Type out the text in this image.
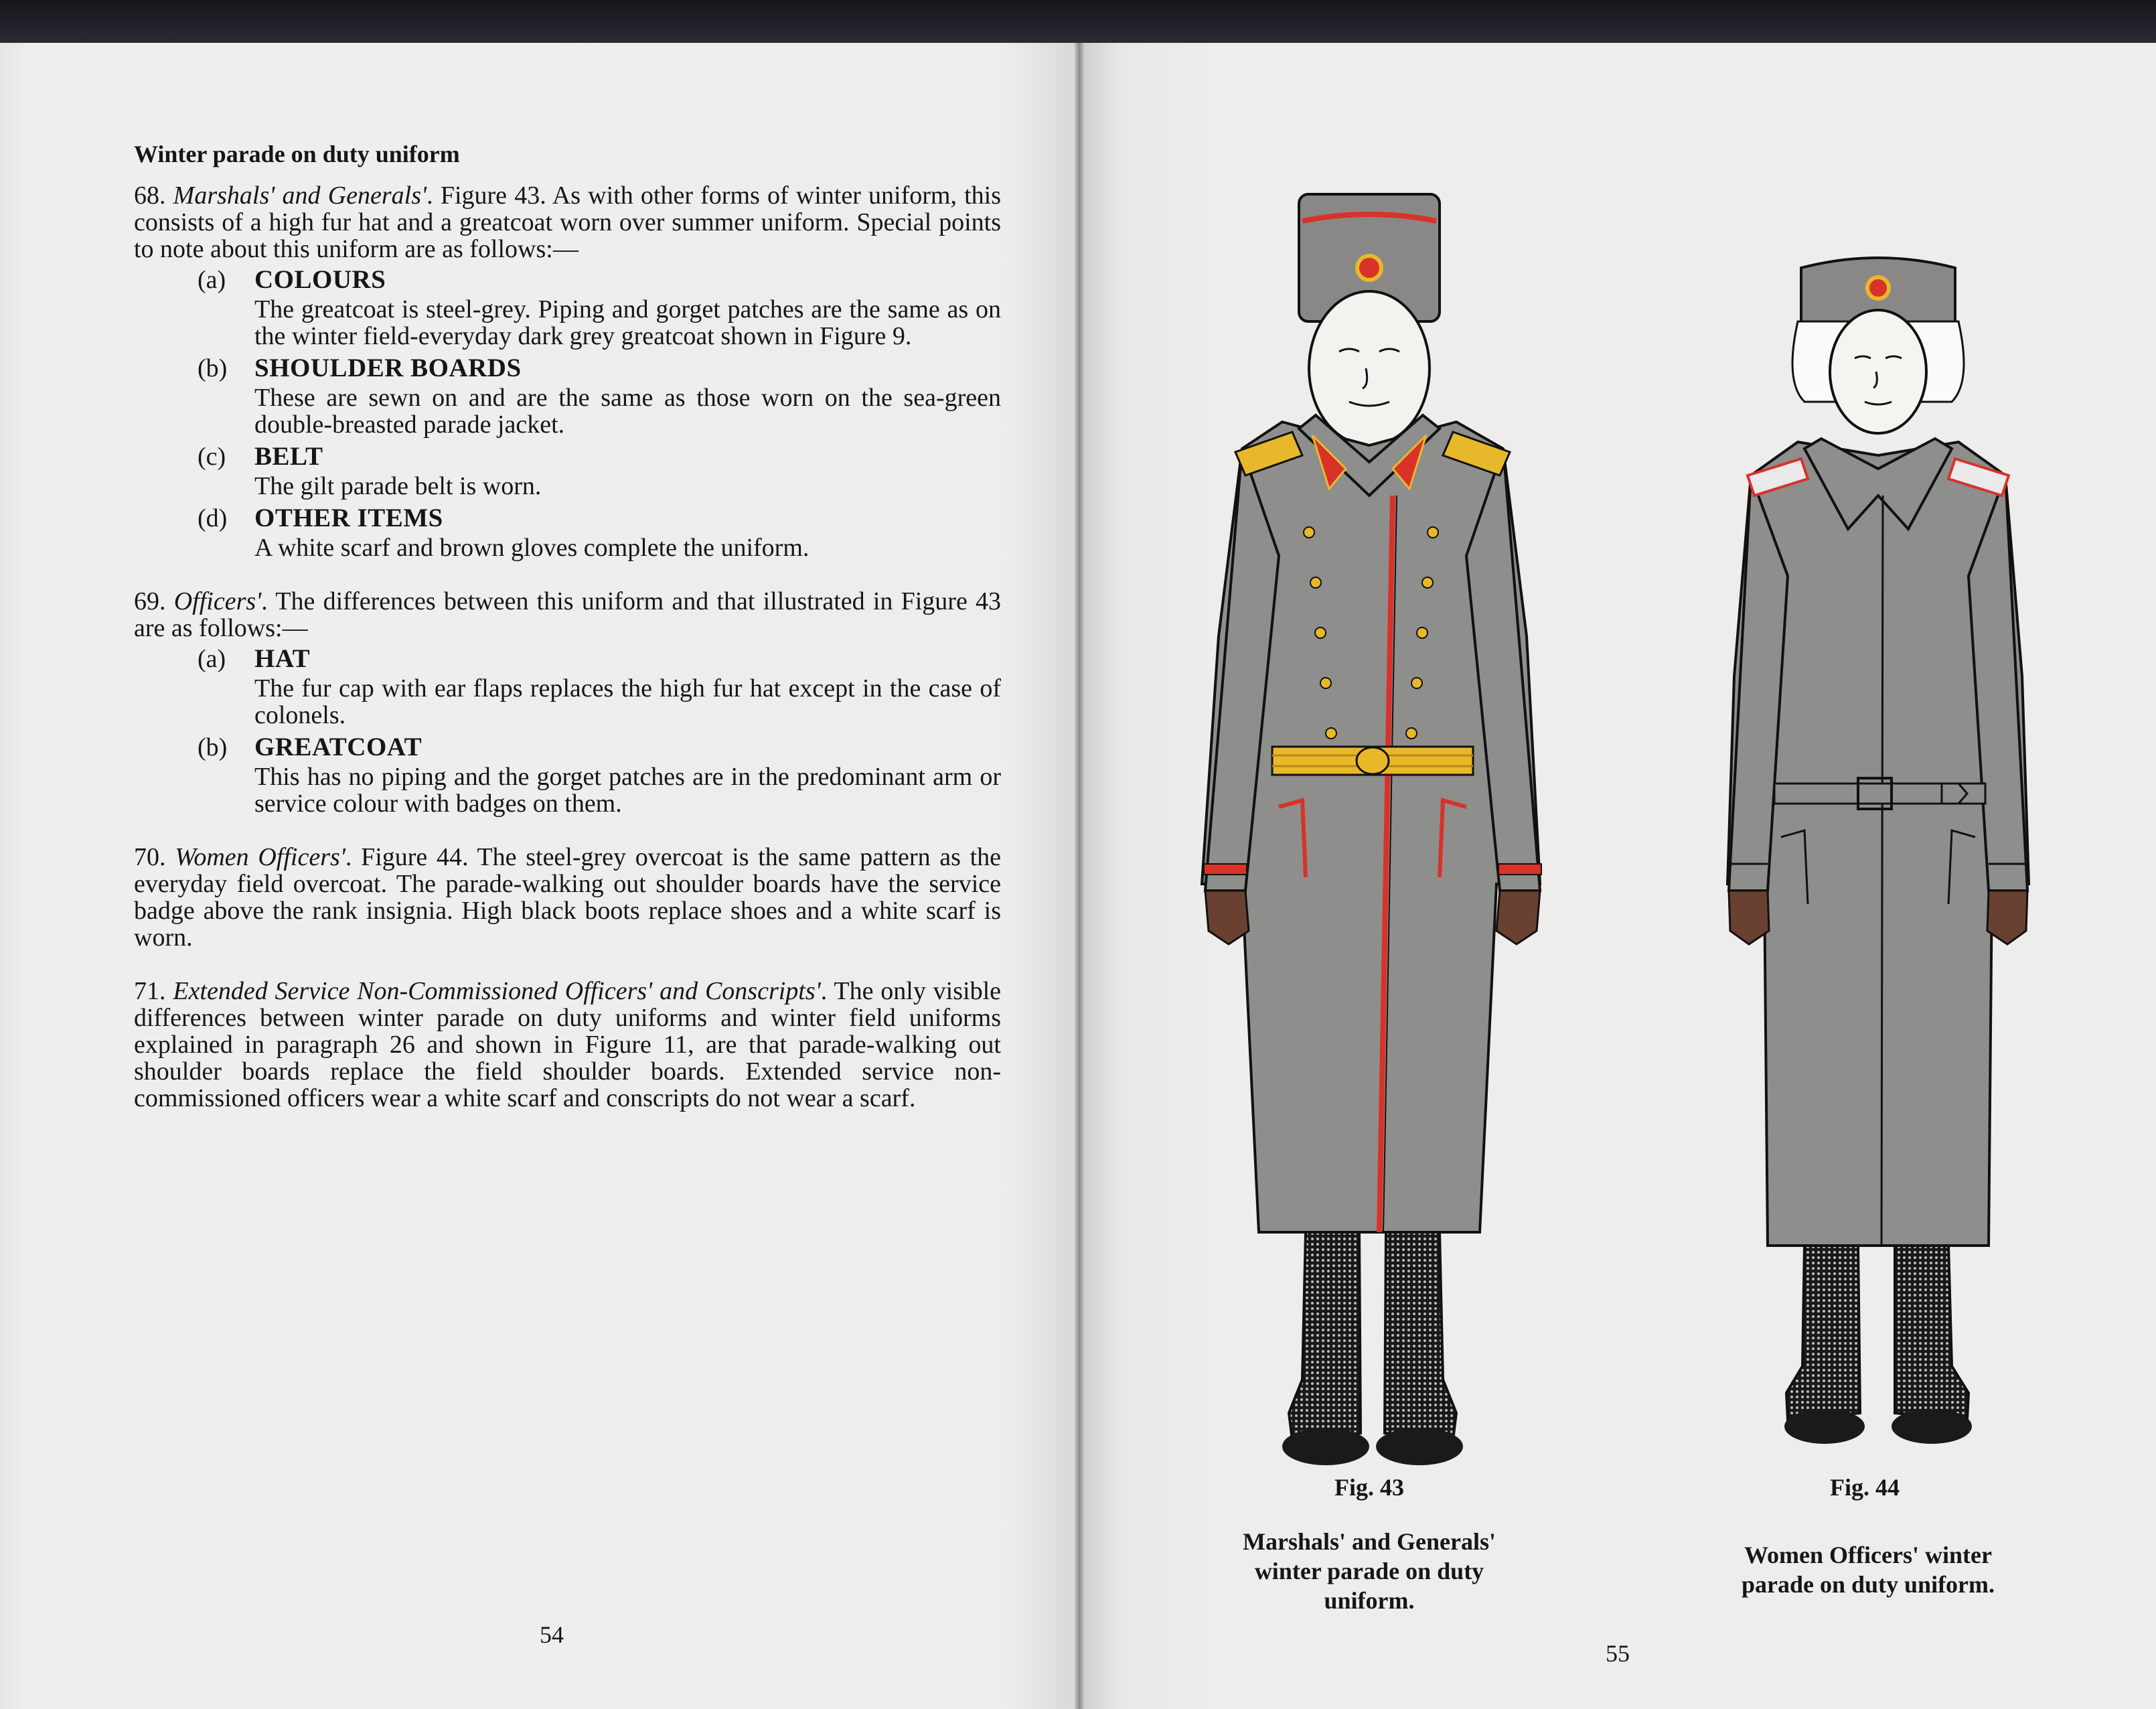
Winter parade on duty uniform
68. Marshals' and Generals'. Figure 43. As with other forms of winter uniform, this consists of a high fur hat and a greatcoat worn over summer uniform. Special points to note about this uniform are as follows:—
(a)	COLOURS
The greatcoat is steel-grey. Piping and gorget patches are the same as on the winter field-everyday dark grey greatcoat shown in Figure 9.
(b)	SHOULDER BOARDS
These are sewn on and are the same as those worn on the sea-green double-breasted parade jacket.
(c)	BELT
The gilt parade belt is worn.
(d)	OTHER ITEMS
A white scarf and brown gloves complete the uniform.
69. Officers'. The differences between this uniform and that illustrated in Figure 43 are as follows:—
(a)	HAT
The fur cap with ear flaps replaces the high fur hat except in the case of colonels.
(b)	GREATCOAT
This has no piping and the gorget patches are in the predominant arm or service colour with badges on them.
70. Women Officers'. Figure 44. The steel-grey overcoat is the same pattern as the everyday field overcoat. The parade-walking out shoulder boards have the service badge above the rank insignia. High black boots replace shoes and a white scarf is worn.
71. Extended Service Non-Commissioned Officers' and Conscripts'. The only visible differences between winter parade on duty uniforms and winter field uniforms explained in paragraph 26 and shown in Figure 11, are that parade-walking out shoulder boards replace the field shoulder boards. Extended service non-commissioned officers wear a white scarf and conscripts do not wear a scarf.
54
Fig. 43
Marshals' and Generals'
winter parade on duty
uniform.
Fig. 44
Women Officers' winter
parade on duty uniform.
55
